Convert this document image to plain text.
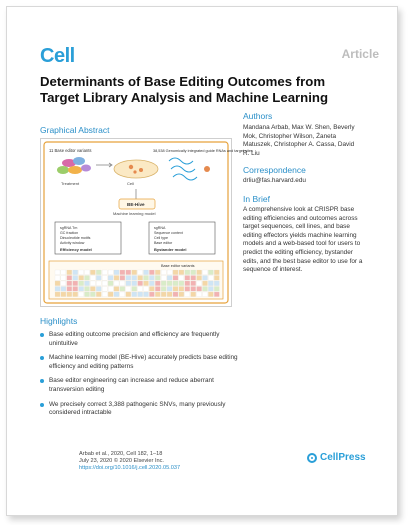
Cell	Article
Determinants of Base Editing Outcomes from Target Library Analysis and Machine Learning
Graphical Abstract
11 Base editor variants	38,538 Genomically integrated guide RNAs and target sites
Cell
Treatment
BE-Hive
Machine learning model
sgRNA Tm GC fraction Dinucleotide motifs Activity window
Efficiency model
sgRNA Sequence context Cell type Base editor
Bystander model
Base editor variants
Authors
Mandana Arbab, Max W. Shen, Beverly Mok, Christopher Wilson, Żaneta Matuszek, Christopher A. Cassa, David R. Liu
Correspondence
drliu@fas.harvard.edu
In Brief
A comprehensive look at CRISPR base editing efficiencies and outcomes across target sequences, cell lines, and base editing effectors yields machine learning models and a web-based tool for users to predict the editing efficiency, bystander edits, and the best base editor to use for a sequence of interest.
Highlights
Base editing outcome precision and efficiency are frequently unintuitive
Machine learning model (BE-Hive) accurately predicts base editing efficiency and editing patterns
Base editor engineering can increase and reduce aberrant transversion editing
We precisely correct 3,388 pathogenic SNVs, many previously considered intractable
Arbab et al., 2020, Cell 182, 1–18
July 23, 2020 © 2020 Elsevier Inc.
https://doi.org/10.1016/j.cell.2020.05.037
CellPress
